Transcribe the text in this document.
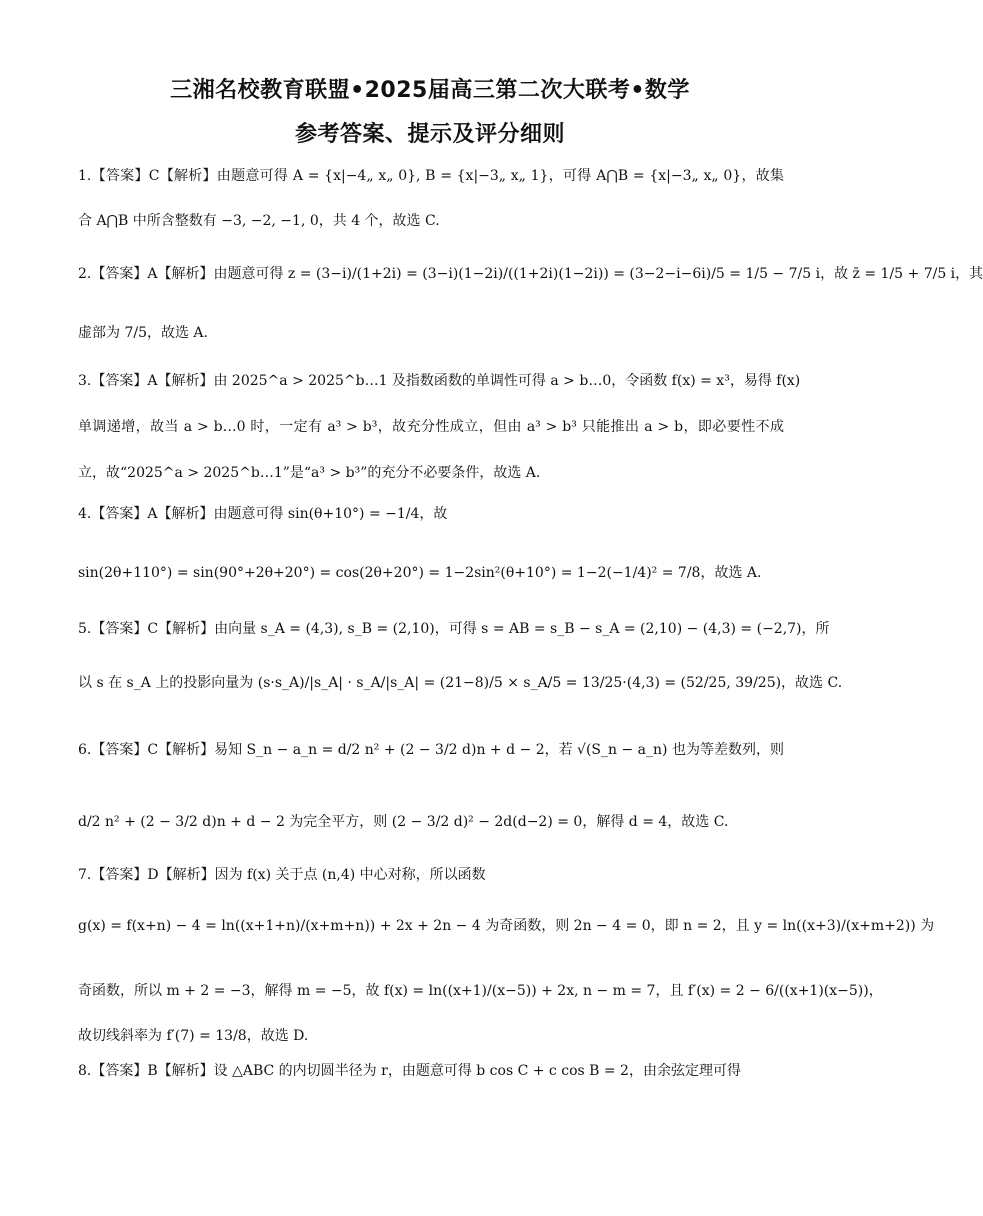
三湘名校教育联盟•2025届高三第二次大联考•数学
参考答案、提示及评分细则
1.【答案】C【解析】由题意可得 A = {x|−4„ x„ 0}, B = {x|−3„ x„ 1}，可得 A⋂B = {x|−3„ x„ 0}，故集
合 A⋂B 中所含整数有 −3, −2, −1, 0，共 4 个，故选 C.
2.【答案】A【解析】由题意可得 z = (3−i)/(1+2i) = (3−i)(1−2i)/((1+2i)(1−2i)) = (3−2−i−6i)/5 = 1/5 − 7/5 i，故 z̄ = 1/5 + 7/5 i，其
虚部为 7/5，故选 A.
3.【答案】A【解析】由 2025^a > 2025^b…1 及指数函数的单调性可得 a > b…0，令函数 f(x) = x³，易得 f(x)
单调递增，故当 a > b…0 时，一定有 a³ > b³，故充分性成立，但由 a³ > b³ 只能推出 a > b，即必要性不成
立，故“2025^a > 2025^b…1”是“a³ > b³”的充分不必要条件，故选 A.
4.【答案】A【解析】由题意可得 sin(θ+10°) = −1/4，故
sin(2θ+110°) = sin(90°+2θ+20°) = cos(2θ+20°) = 1−2sin²(θ+10°) = 1−2(−1/4)² = 7/8，故选 A.
5.【答案】C【解析】由向量 s_A = (4,3), s_B = (2,10)，可得 s = AB = s_B − s_A = (2,10) − (4,3) = (−2,7)，所
以 s 在 s_A 上的投影向量为 (s·s_A)/|s_A| · s_A/|s_A| = (21−8)/5 × s_A/5 = 13/25·(4,3) = (52/25, 39/25)，故选 C.
6.【答案】C【解析】易知 S_n − a_n = d/2 n² + (2 − 3/2 d)n + d − 2，若 √(S_n − a_n) 也为等差数列，则
d/2 n² + (2 − 3/2 d)n + d − 2 为完全平方，则 (2 − 3/2 d)² − 2d(d−2) = 0，解得 d = 4，故选 C.
7.【答案】D【解析】因为 f(x) 关于点 (n,4) 中心对称，所以函数
g(x) = f(x+n) − 4 = ln((x+1+n)/(x+m+n)) + 2x + 2n − 4 为奇函数，则 2n − 4 = 0，即 n = 2，且 y = ln((x+3)/(x+m+2)) 为
奇函数，所以 m + 2 = −3，解得 m = −5，故 f(x) = ln((x+1)/(x−5)) + 2x, n − m = 7，且 f′(x) = 2 − 6/((x+1)(x−5))，
故切线斜率为 f′(7) = 13/8，故选 D.
8.【答案】B【解析】设 △ABC 的内切圆半径为 r，由题意可得 b cos C + c cos B = 2，由余弦定理可得
